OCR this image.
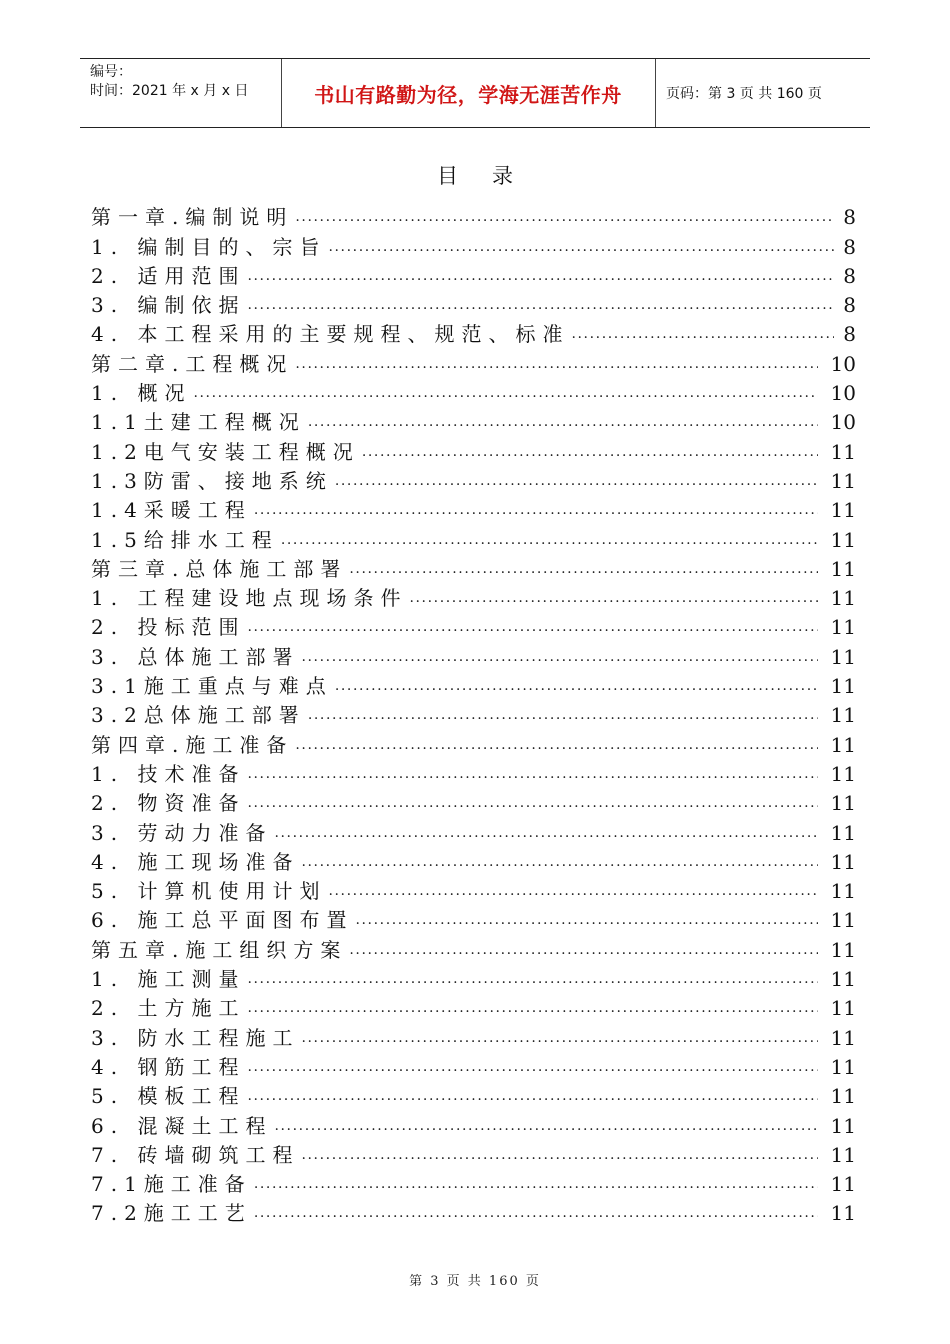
编号：
时间：2021 年 x 月 x 日	书山有路勤为径，学海无涯苦作舟	页码：第 3 页 共 160 页
目录
第一章.编制说明 .....	8
1. 编制目的、宗旨 .....	8
2. 适用范围 .....	8
3. 编制依据 .....	8
4. 本工程采用的主要规程、规范、标准 .....	8
第二章.工程概况 .....	10
1. 概况 .....	10
1.1土建工程概况 .....	10
1.2电气安装工程概况 .....	11
1.3防雷、接地系统 .....	11
1.4采暖工程 .....	11
1.5给排水工程 .....	11
第三章.总体施工部署 .....	11
1. 工程建设地点现场条件 .....	11
2. 投标范围 .....	11
3. 总体施工部署 .....	11
3.1施工重点与难点 .....	11
3.2总体施工部署 .....	11
第四章.施工准备 .....	11
1. 技术准备 .....	11
2. 物资准备 .....	11
3. 劳动力准备 .....	11
4. 施工现场准备 .....	11
5. 计算机使用计划 .....	11
6. 施工总平面图布置 .....	11
第五章.施工组织方案 .....	11
1. 施工测量 .....	11
2. 土方施工 .....	11
3. 防水工程施工 .....	11
4. 钢筋工程 .....	11
5. 模板工程 .....	11
6. 混凝土工程 .....	11
7. 砖墙砌筑工程 .....	11
7.1施工准备 .....	11
7.2施工工艺 .....	11
第 3 页 共 160 页
